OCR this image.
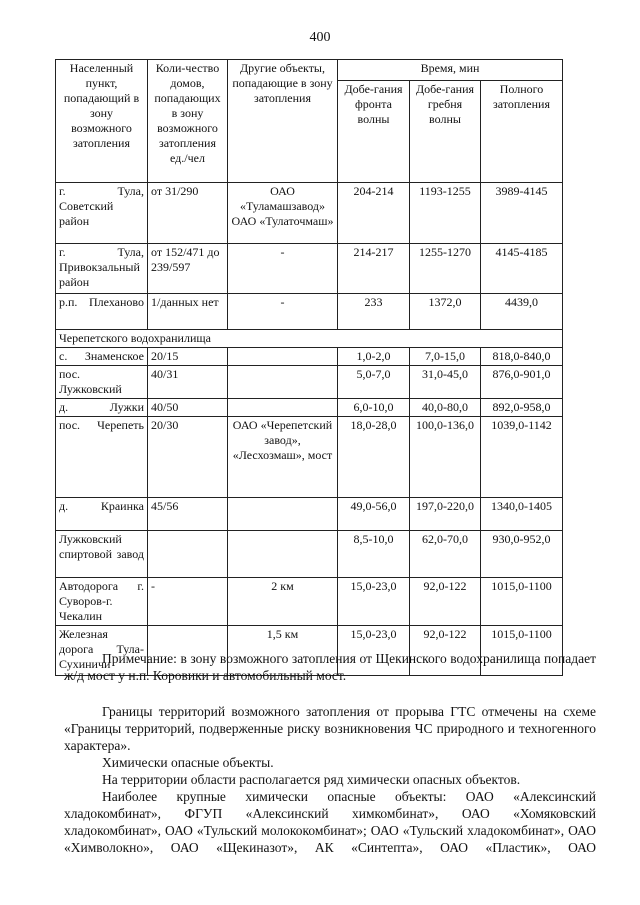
400
Населенный пункт, попадающий в зону возможного затопления	Коли-чество домов, попадающих в зону возможного затопления ед./чел	Другие объекты, попадающие в зону затопления	Время, мин		
			Добе-гания фронта волны	Добе-гания гребня волны	Полного затопления
г. Тула, Советский район	от 31/290	ОАО «Туламашзавод» ОАО «Тулаточмаш»	204-214	1193-1255	3989-4145
г. Тула, Привокзальный район	от 152/471 до 239/597	-	214-217	1255-1270	4145-4185
р.п. Плеханово	1/данных нет	-	233	1372,0	4439,0
Черепетского водохранилища					
с. Знаменское	20/15		1,0-2,0	7,0-15,0	818,0-840,0
пос. Лужковский	40/31		5,0-7,0	31,0-45,0	876,0-901,0
д. Лужки	40/50		6,0-10,0	40,0-80,0	892,0-958,0
пос. Черепеть	20/30	ОАО «Черепетский завод», «Лесхозмаш», мост	18,0-28,0	100,0-136,0	1039,0-1142
д. Краинка	45/56		49,0-56,0	197,0-220,0	1340,0-1405
Лужковский спиртовой завод			8,5-10,0	62,0-70,0	930,0-952,0
Автодорога г. Суворов-г. Чекалин	-	2 км	15,0-23,0	92,0-122	1015,0-1100
Железная дорога Тула-Сухиничи		1,5 км	15,0-23,0	92,0-122	1015,0-1100
Примечание: в зону возможного затопления от Щекинского водохранилища попадает ж/д мост у н.п. Коровики и автомобильный мост.
Границы территорий возможного затопления от прорыва ГТС отмечены на схеме «Границы территорий, подверженные риску возникновения ЧС природного и техногенного характера».
Химически опасные объекты.
На территории области располагается ряд химически опасных объектов.
Наиболее крупные химически опасные объекты: ОАО «Алексинский хладокомбинат», ФГУП «Алексинский химкомбинат», ОАО «Хомяковский хладокомбинат», ОАО «Тульский молококомбинат»; ОАО «Тульский хладокомбинат», ОАО «Химволокно», ОАО «Щекиназот», АК «Синтепта», ОАО «Пластик», ОАО
